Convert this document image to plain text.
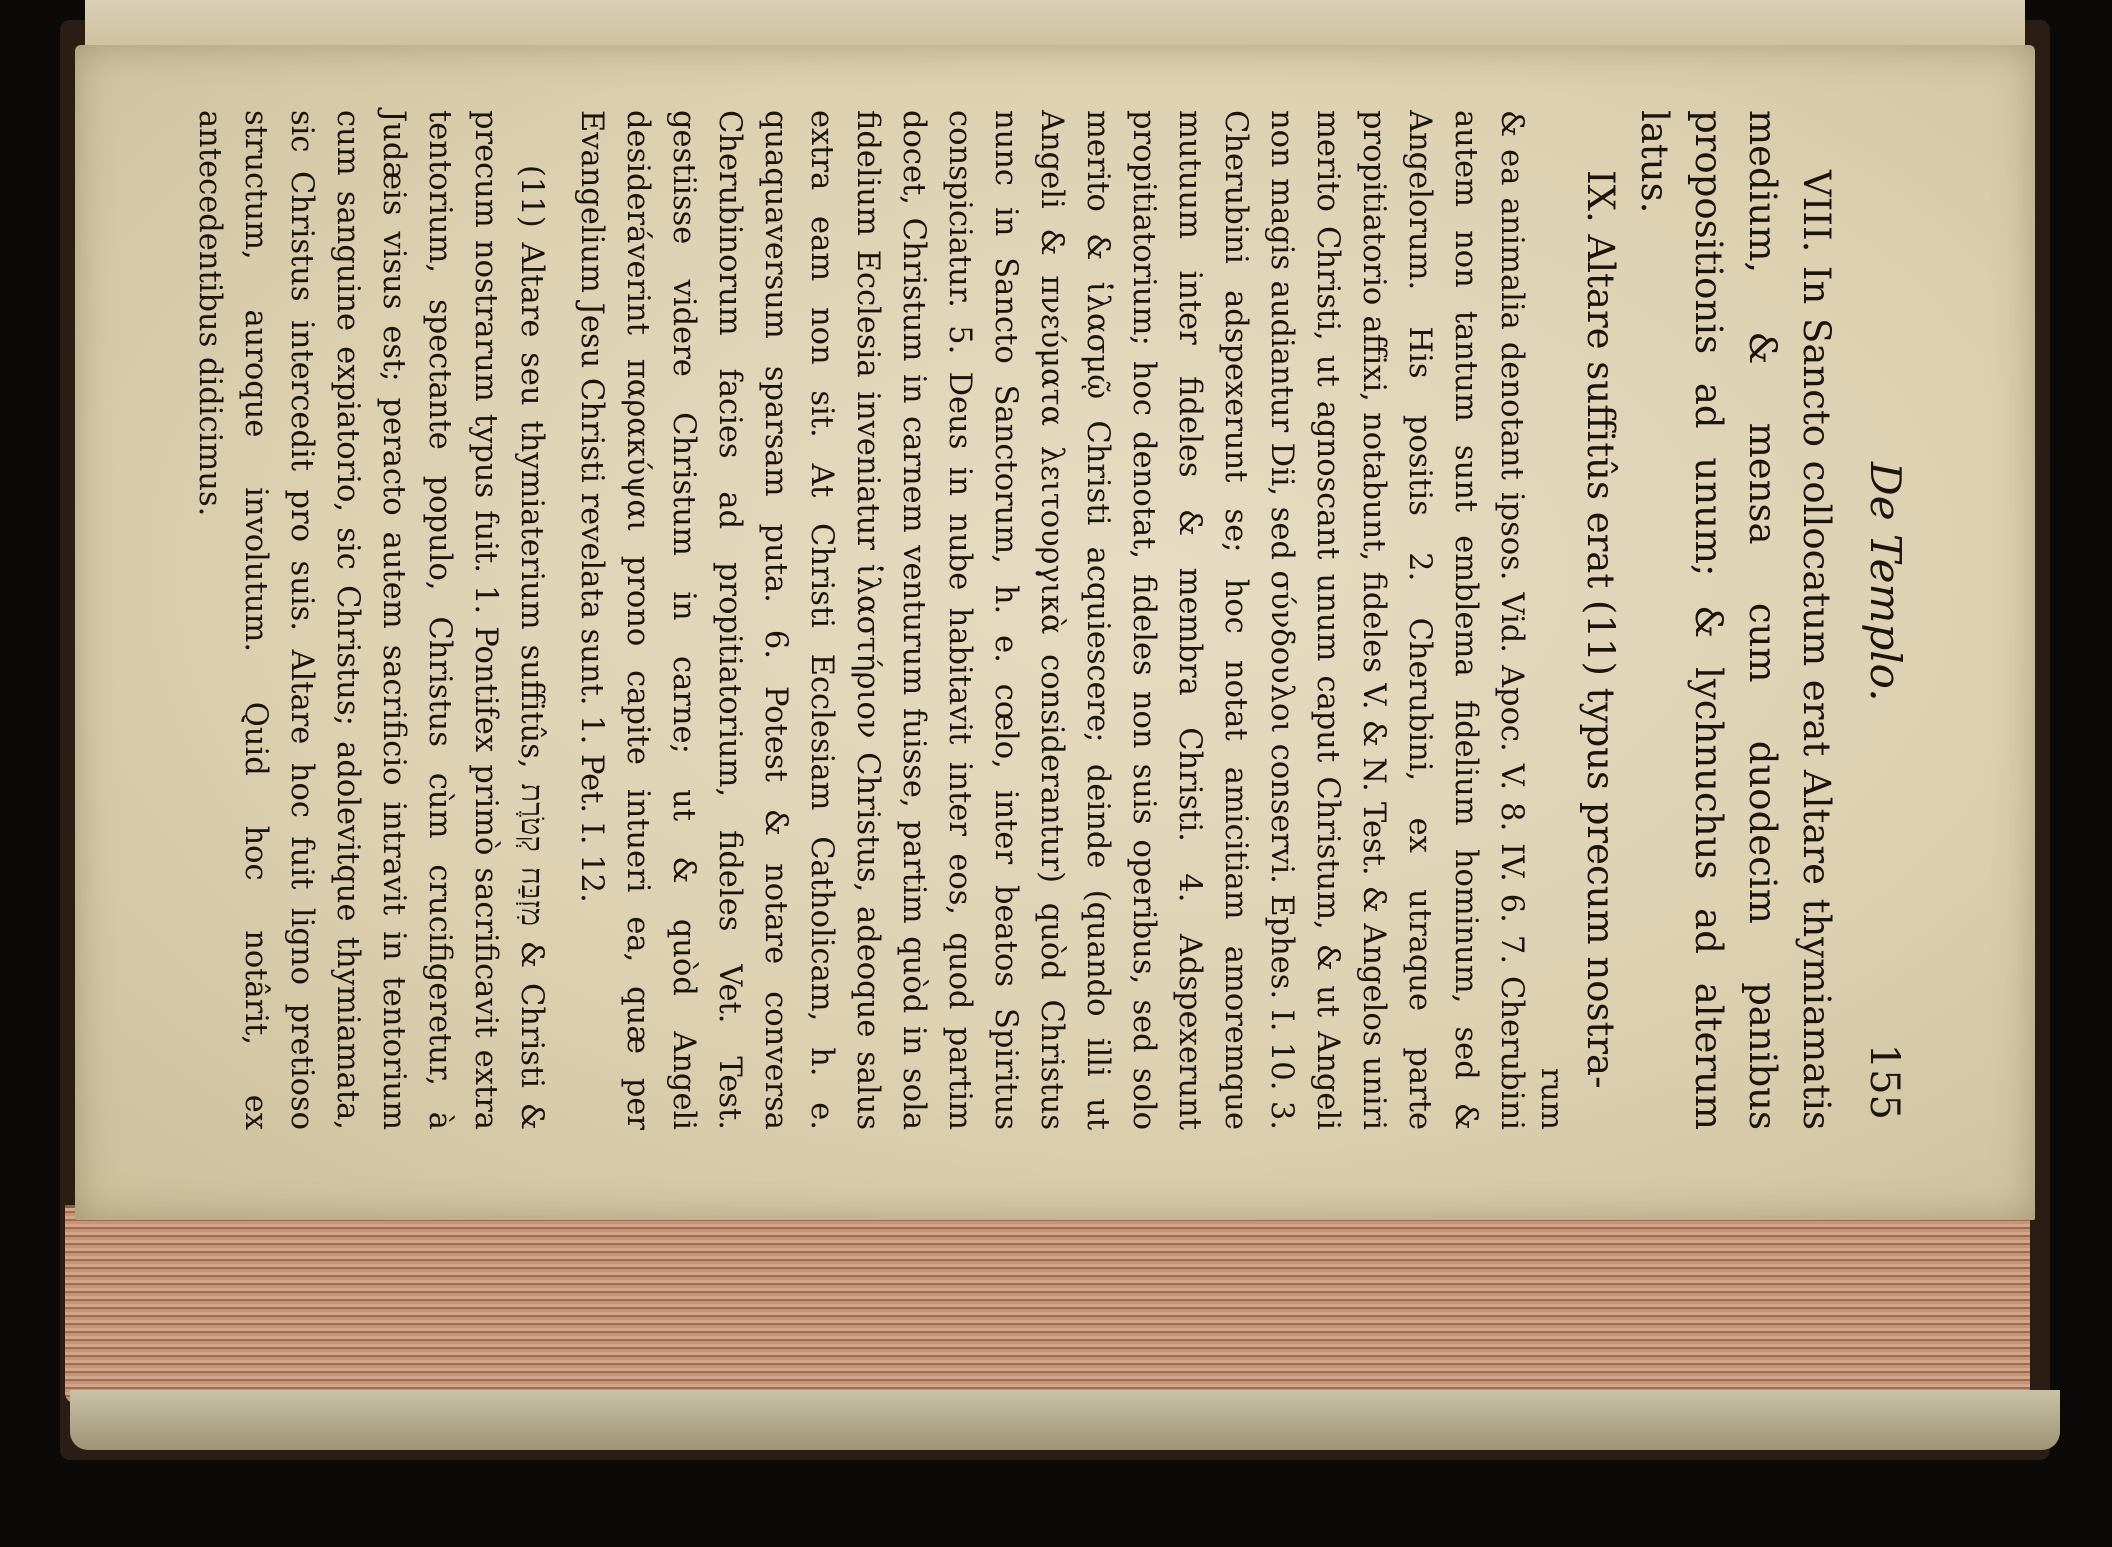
De Templo.
155

VIII. In Sancto collocatum erat Altare thymiamatis medium, & mensa cum duodecim panibus propositionis ad unum; & lychnuchus ad alterum latus.

IX. Altare suffitûs erat (11) typus precum nostra-

rum

& ea animalia denotant ipsos. Vid. Apoc. V. 8. IV. 6. 7. Cherubini autem non tantum sunt emblema fidelium hominum, sed & Angelorum. His positis 2. Cherubini, ex utraque parte propitiatorio affixi, notabunt, fideles V. & N. Test. & Angelos uniri merito Christi, ut agnoscant unum caput Christum, & ut Angeli non magis audiantur Dii, sed σύνδουλοι conservi. Ephes. I. 10. 3. Cherubini adspexerunt se; hoc notat amicitiam amoremque mutuum inter fideles & membra Christi. 4. Adspexerunt propitiatorium; hoc denotat, fideles non suis operibus, sed solo merito & ἱλασμῷ Christi acquiescere; deinde (quando illi ut Angeli & πνεύματα λειτουργικὰ considerantur) quòd Christus nunc in Sancto Sanctorum, h. e. cœlo, inter beatos Spiritus conspiciatur. 5. Deus in nube habitavit inter eos, quod partim docet, Christum in carnem venturum fuisse, partim quòd in sola fidelium Ecclesia inveniatur ἱλαστήριον Christus, adeoque salus extra eam non sit. At Christi Ecclesiam Catholicam, h. e. quaquaversum sparsam puta. 6. Potest & notare conversa Cherubinorum facies ad propitiatorium, fideles Vet. Test. gestiisse videre Christum in carne; ut & quòd Angeli desideráverint παρακύψαι prono capite intueri ea, quæ per Evangelium Jesu Christi revelata sunt. 1. Pet. I. 12.

(11) Altare seu thymiaterium suffitûs, מִזְבַּח קְטֹרֶת & Christi & precum nostrarum typus fuit. 1. Pontifex primò sacrificavit extra tentorium, spectante populo, Christus cùm crucifigeretur, à Judæis visus est; peracto autem sacrificio intravit in tentorium cum sanguine expiatorio, sic Christus; adolevitque thymiamata, sic Christus intercedit pro suis. Altare hoc fuit ligno pretioso structum, auroque involutum. Quid hoc notârit, ex antecedentibus didicimus.
